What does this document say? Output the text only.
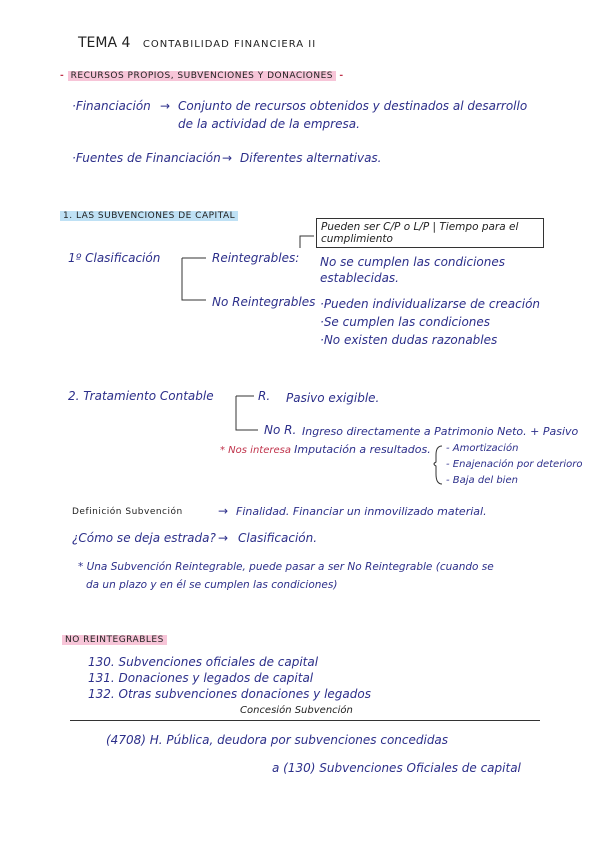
TEMA 4 CONTABILIDAD FINANCIERA II
- RECURSOS PROPIOS, SUBVENCIONES Y DONACIONES -
·Financiación → Conjunto de recursos obtenidos y destinados al desarrollo
de la actividad de la empresa.
·Fuentes de Financiación → Diferentes alternativas.
1. LAS SUBVENCIONES DE CAPITAL
Pueden ser C/P o L/P | Tiempo para el cumplimiento
1º Clasificación	Reintegrables: No se cumplen las condiciones
establecidas.
No Reintegrables ·Pueden individualizarse de creación
·Se cumplen las condiciones
·No existen dudas razonables
2. Tratamiento Contable	R. Pasivo exigible.
No R. Ingreso directamente a Patrimonio Neto. + Pasivo
* Nos interesa Imputación a resultados. - Amortización
- Enajenación por deterioro
- Baja del bien
Definición Subvención	→ Finalidad. Financiar un inmovilizado material.
¿Cómo se deja estrada? → Clasificación.
* Una Subvención Reintegrable, puede pasar a ser No Reintegrable (cuando se
da un plazo y en él se cumplen las condiciones)
NO REINTEGRABLES
130. Subvenciones oficiales de capital
131. Donaciones y legados de capital
132. Otras subvenciones donaciones y legados
Concesión Subvención
(4708) H. Pública, deudora por subvenciones concedidas
a (130) Subvenciones Oficiales de capital
